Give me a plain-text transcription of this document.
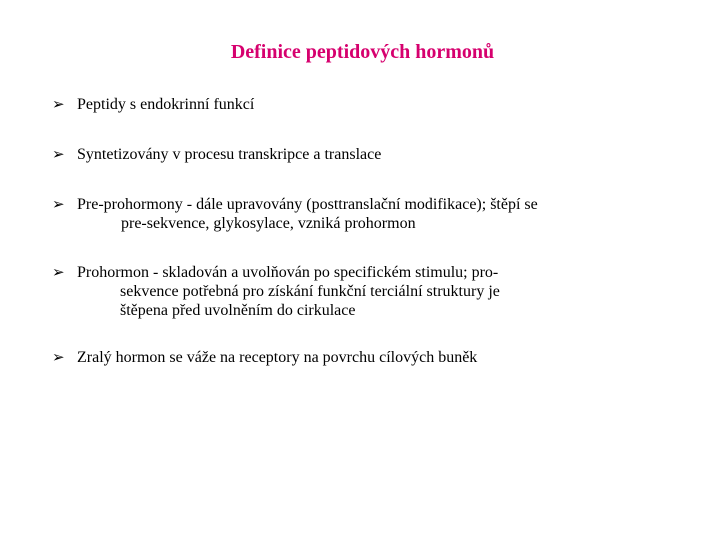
Definice peptidových hormonů
➢ Peptidy s endokrinní funkcí
➢ Syntetizovány v procesu transkripce a translace
➢ Pre-prohormony - dále upravovány (posttranslační modifikace); štěpí se
pre-sekvence, glykosylace, vzniká prohormon
➢ Prohormon - skladován a uvolňován po specifickém stimulu; pro-
sekvence potřebná pro získání funkční terciální struktury je
štěpena před uvolněním do cirkulace
➢ Zralý hormon se váže na receptory na povrchu cílových buněk
